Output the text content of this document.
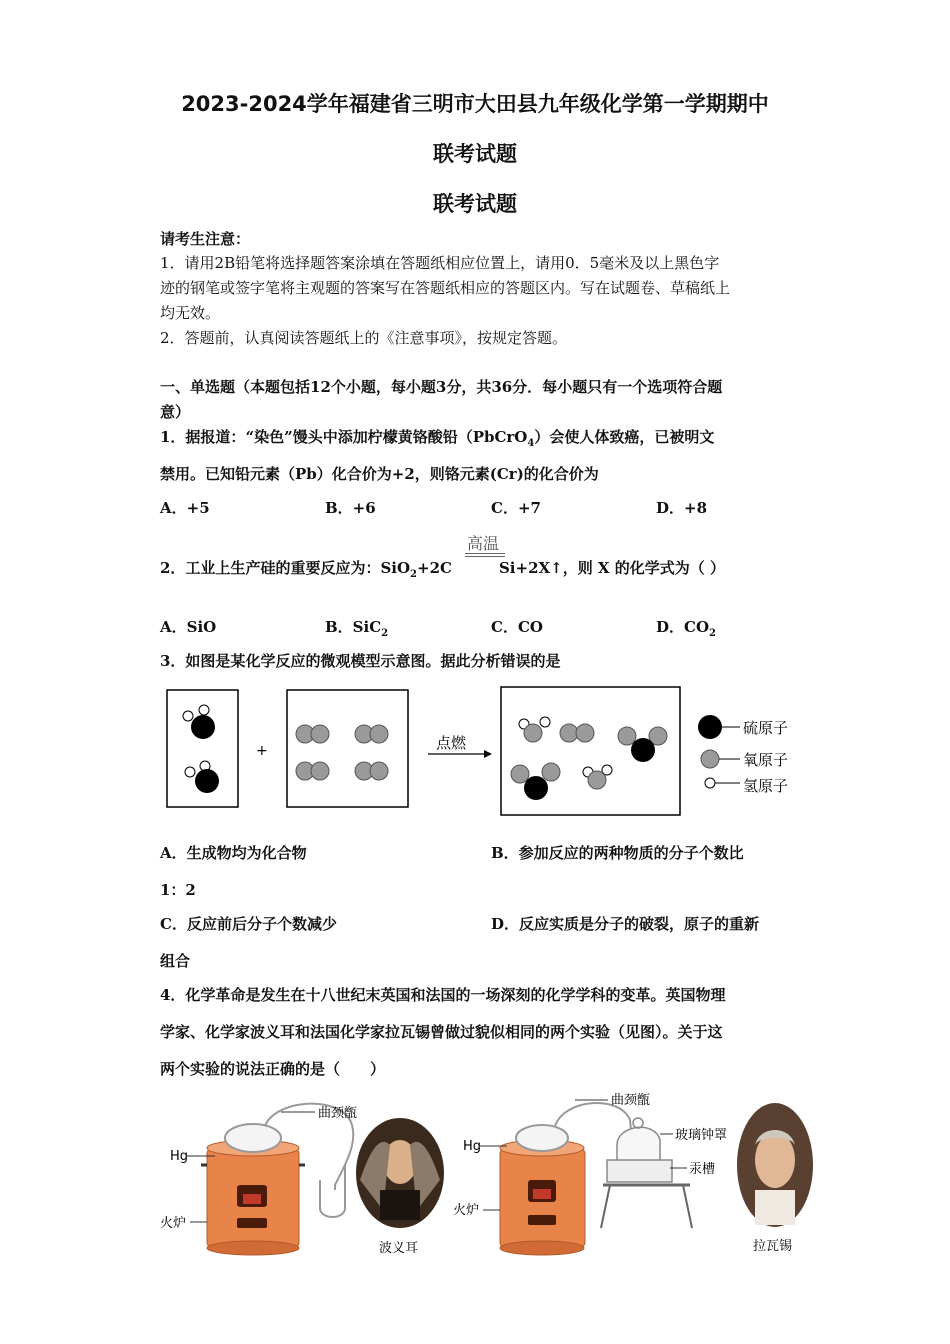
2023-2024学年福建省三明市大田县九年级化学第一学期期中
联考试题
联考试题
请考生注意：
1．请用2B铅笔将选择题答案涂填在答题纸相应位置上，请用0．5毫米及以上黑色字
迹的钢笔或签字笔将主观题的答案写在答题纸相应的答题区内。写在试题卷、草稿纸上
均无效。
2．答题前，认真阅读答题纸上的《注意事项》，按规定答题。
一、单选题（本题包括12个小题，每小题3分，共36分．每小题只有一个选项符合题
意）
1．据报道：“染色”馒头中添加柠檬黄铬酸铅（PbCrO$_4$）会使人体致癌，已被明文
禁用。已知铅元素（Pb）化合价为+2，则铬元素(Cr)的化合价为
A．+5	B．+6	C．+7	D．+8
高温
2．工业上生产硅的重要反应为：SiO$_2$+2C	Si+2X↑，则 X 的化学式为（ ）
A．SiO	B．SiC$_2$	C．CO	D．$CO_2$
3．如图是某化学反应的微观模型示意图。据此分析错误的是
+	点燃
硫原子
氧原子
氢原子
A．生成物均为化合物	B．参加反应的两种物质的分子个数比
1：2
C．反应前后分子个数减少	D．反应实质是分子的破裂，原子的重新
组合
4．化学革命是发生在十八世纪末英国和法国的一场深刻的化学学科的变革。英国物理
学家、化学家波义耳和法国化学家拉瓦锡曾做过貌似相同的两个实验（见图）。关于这
两个实验的说法正确的是（　　）
曲颈甑
Hg
火炉
波义耳
曲颈甑
Hg
火炉
玻璃钟罩
汞槽
拉瓦锡
